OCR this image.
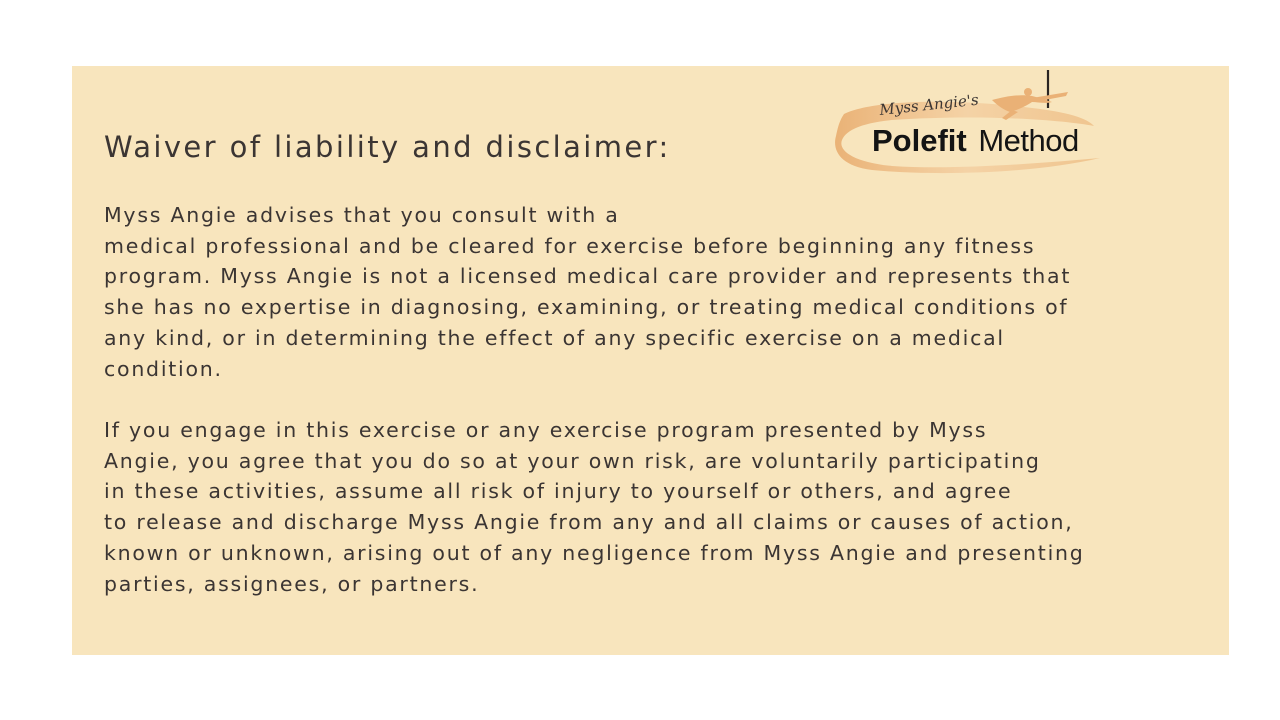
Waiver of liability and disclaimer:
Myss Angie advises that you consult with a
medical professional and be cleared for exercise before beginning any fitness
program. Myss Angie is not a licensed medical care provider and represents that
she has no expertise in diagnosing, examining, or treating medical conditions of
any kind, or in determining the effect of any specific exercise on a medical
condition.
If you engage in this exercise or any exercise program presented by Myss
Angie, you agree that you do so at your own risk, are voluntarily participating
in these activities, assume all risk of injury to yourself or others, and agree
to release and discharge Myss Angie from any and all claims or causes of action,
known or unknown, arising out of any negligence from Myss Angie and presenting
parties, assignees, or partners.
Myss Angie's
Polefit Method
